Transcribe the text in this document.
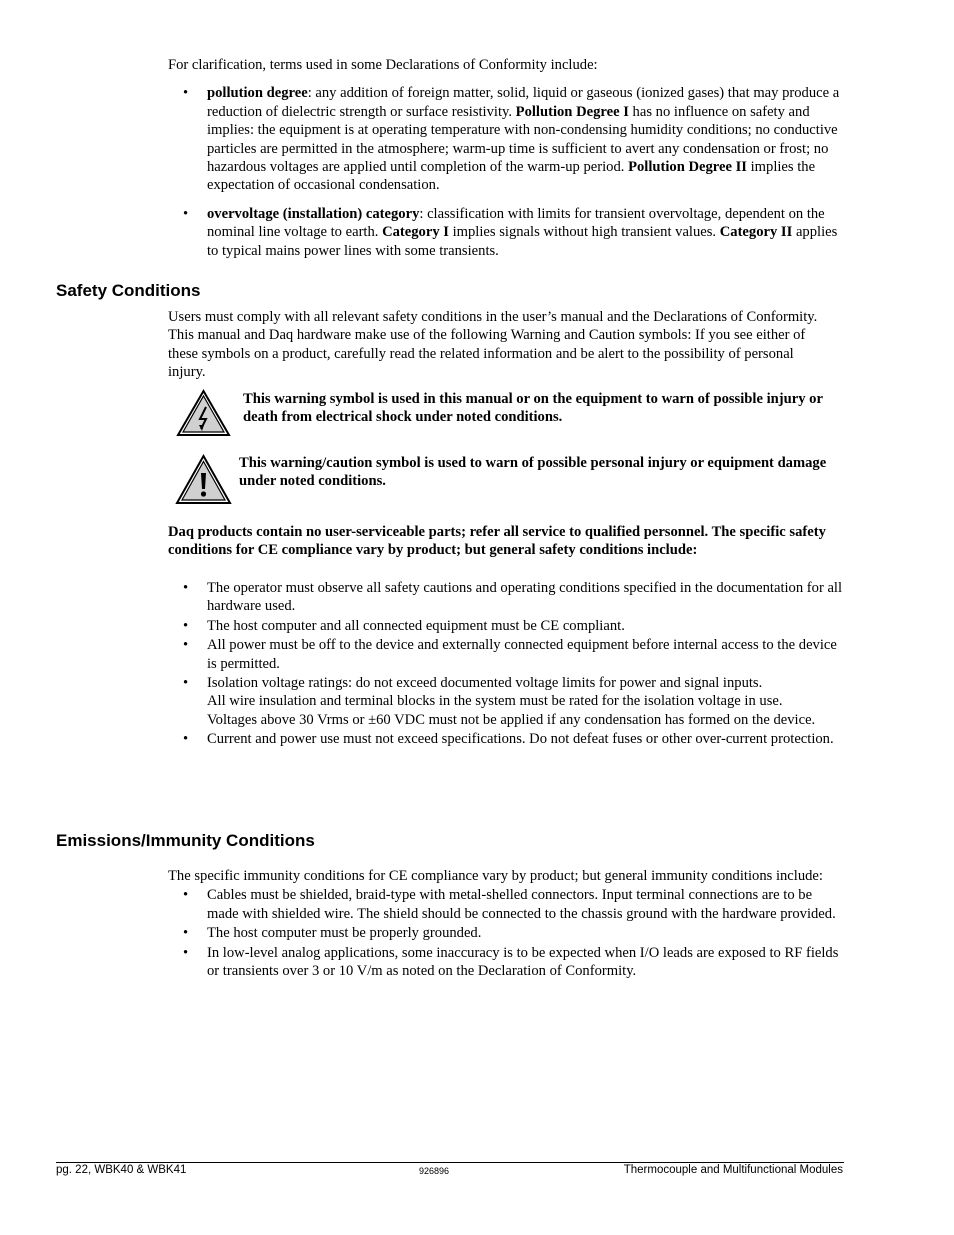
For clarification, terms used in some Declarations of Conformity include:

• pollution degree: any addition of foreign matter, solid, liquid or gaseous (ionized gases) that may produce a reduction of dielectric strength or surface resistivity. Pollution Degree I has no influence on safety and implies: the equipment is at operating temperature with non-condensing humidity conditions; no conductive particles are permitted in the atmosphere; warm-up time is sufficient to avert any condensation or frost; no hazardous voltages are applied until completion of the warm-up period. Pollution Degree II implies the expectation of occasional condensation.
• overvoltage (installation) category: classification with limits for transient overvoltage, dependent on the nominal line voltage to earth. Category I implies signals without high transient values. Category II applies to typical mains power lines with some transients.
Safety Conditions
Users must comply with all relevant safety conditions in the user’s manual and the Declarations of Conformity. This manual and Daq hardware make use of the following Warning and Caution symbols: If you see either of these symbols on a product, carefully read the related information and be alert to the possibility of personal injury.
This warning symbol is used in this manual or on the equipment to warn of possible injury or death from electrical shock under noted conditions.
This warning/caution symbol is used to warn of possible personal injury or equipment damage under noted conditions.
Daq products contain no user-serviceable parts; refer all service to qualified personnel. The specific safety conditions for CE compliance vary by product; but general safety conditions include:
• The operator must observe all safety cautions and operating conditions specified in the documentation for all hardware used.
• The host computer and all connected equipment must be CE compliant.
• All power must be off to the device and externally connected equipment before internal access to the device is permitted.
• Isolation voltage ratings: do not exceed documented voltage limits for power and signal inputs.
All wire insulation and terminal blocks in the system must be rated for the isolation voltage in use.
Voltages above 30 Vrms or ±60 VDC must not be applied if any condensation has formed on the device.
• Current and power use must not exceed specifications. Do not defeat fuses or other over-current protection.
Emissions/Immunity Conditions

The specific immunity conditions for CE compliance vary by product; but general immunity conditions include:

• Cables must be shielded, braid-type with metal-shelled connectors. Input terminal connections are to be made with shielded wire. The shield should be connected to the chassis ground with the hardware provided.
• The host computer must be properly grounded.
• In low-level analog applications, some inaccuracy is to be expected when I/O leads are exposed to RF fields or transients over 3 or 10 V/m as noted on the Declaration of Conformity.
pg. 22, WBK40 & WBK41	926896	Thermocouple and Multifunctional Modules
